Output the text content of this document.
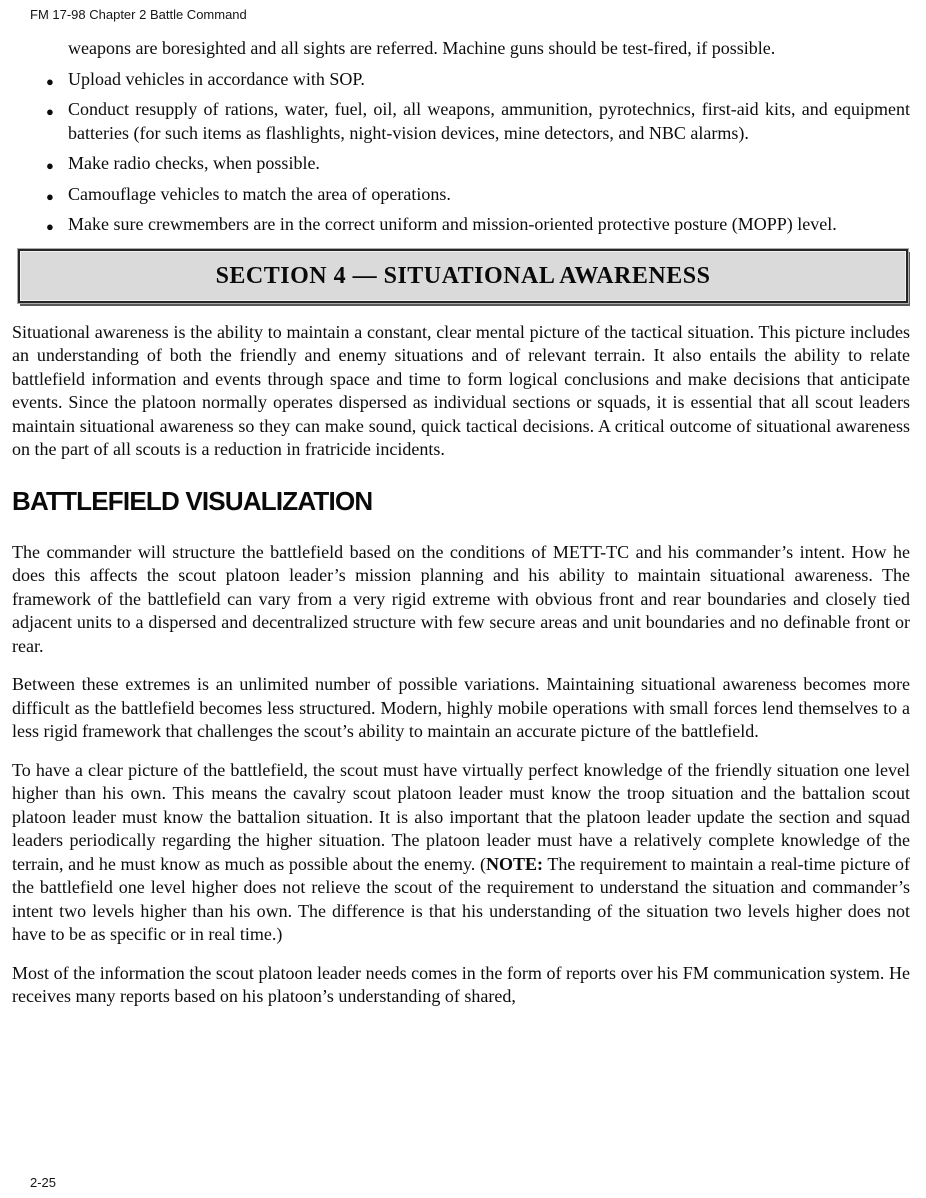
FM 17-98 Chapter 2 Battle Command
weapons are boresighted and all sights are referred. Machine guns should be test-fired, if possible.
● Upload vehicles in accordance with SOP.
● Conduct resupply of rations, water, fuel, oil, all weapons, ammunition, pyrotechnics, first-aid kits, and equipment batteries (for such items as flashlights, night-vision devices, mine detectors, and NBC alarms).
● Make radio checks, when possible.
● Camouflage vehicles to match the area of operations.
● Make sure crewmembers are in the correct uniform and mission-oriented protective posture (MOPP) level.
SECTION 4 — SITUATIONAL AWARENESS

Situational awareness is the ability to maintain a constant, clear mental picture of the tactical situation. This picture includes an understanding of both the friendly and enemy situations and of relevant terrain. It also entails the ability to relate battlefield information and events through space and time to form logical conclusions and make decisions that anticipate events. Since the platoon normally operates dispersed as individual sections or squads, it is essential that all scout leaders maintain situational awareness so they can make sound, quick tactical decisions. A critical outcome of situational awareness on the part of all scouts is a reduction in fratricide incidents.

BATTLEFIELD VISUALIZATION

The commander will structure the battlefield based on the conditions of METT-TC and his commander’s intent. How he does this affects the scout platoon leader’s mission planning and his ability to maintain situational awareness. The framework of the battlefield can vary from a very rigid extreme with obvious front and rear boundaries and closely tied adjacent units to a dispersed and decentralized structure with few secure areas and unit boundaries and no definable front or rear.

Between these extremes is an unlimited number of possible variations. Maintaining situational awareness becomes more difficult as the battlefield becomes less structured. Modern, highly mobile operations with small forces lend themselves to a less rigid framework that challenges the scout’s ability to maintain an accurate picture of the battlefield.

To have a clear picture of the battlefield, the scout must have virtually perfect knowledge of the friendly situation one level higher than his own. This means the cavalry scout platoon leader must know the troop situation and the battalion scout platoon leader must know the battalion situation. It is also important that the platoon leader update the section and squad leaders periodically regarding the higher situation. The platoon leader must have a relatively complete knowledge of the terrain, and he must know as much as possible about the enemy. (NOTE: The requirement to maintain a real-time picture of the battlefield one level higher does not relieve the scout of the requirement to understand the situation and commander’s intent two levels higher than his own. The difference is that his understanding of the situation two levels higher does not have to be as specific or in real time.)

Most of the information the scout platoon leader needs comes in the form of reports over his FM communication system. He receives many reports based on his platoon’s understanding of shared,

2-25
